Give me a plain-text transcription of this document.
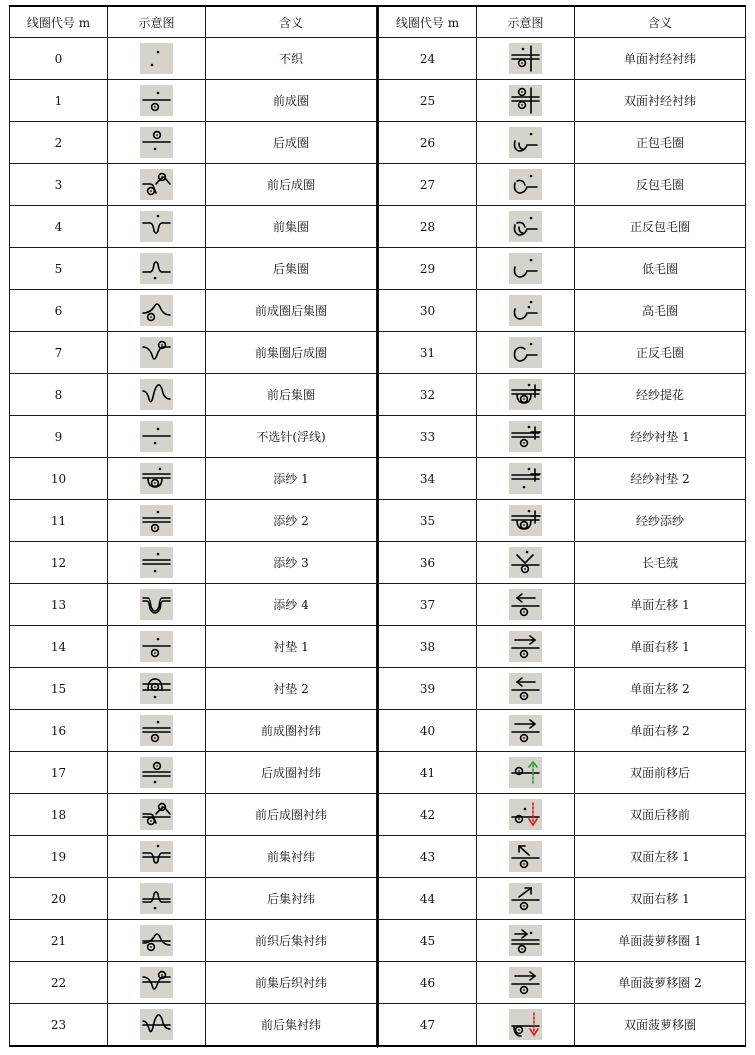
线圈代号 m	示意图	含义
0		不织
1		前成圈
2		后成圈
3		前后成圈
4		前集圈
5		后集圈
6		前成圈后集圈
7		前集圈后成圈
8		前后集圈
9		不选针(浮线)
10		添纱 1
11		添纱 2
12		添纱 3
13		添纱 4
14		衬垫 1
15		衬垫 2
16		前成圈衬纬
17		后成圈衬纬
18		前后成圈衬纬
19		前集衬纬
20		后集衬纬
21		前织后集衬纬
22		前集后织衬纬
23		前后集衬纬
线圈代号 m	示意图	含义
24		单面衬经衬纬
25		双面衬经衬纬
26		正包毛圈
27		反包毛圈
28		正反包毛圈
29		低毛圈
30		高毛圈
31		正反毛圈
32		经纱提花
33		经纱衬垫 1
34		经纱衬垫 2
35		经纱添纱
36		长毛绒
37		单面左移 1
38		单面右移 1
39		单面左移 2
40		单面右移 2
41		双面前移后
42		双面后移前
43		双面左移 1
44		双面右移 1
45		单面菠萝移圈 1
46		单面菠萝移圈 2
47		双面菠萝移圈
